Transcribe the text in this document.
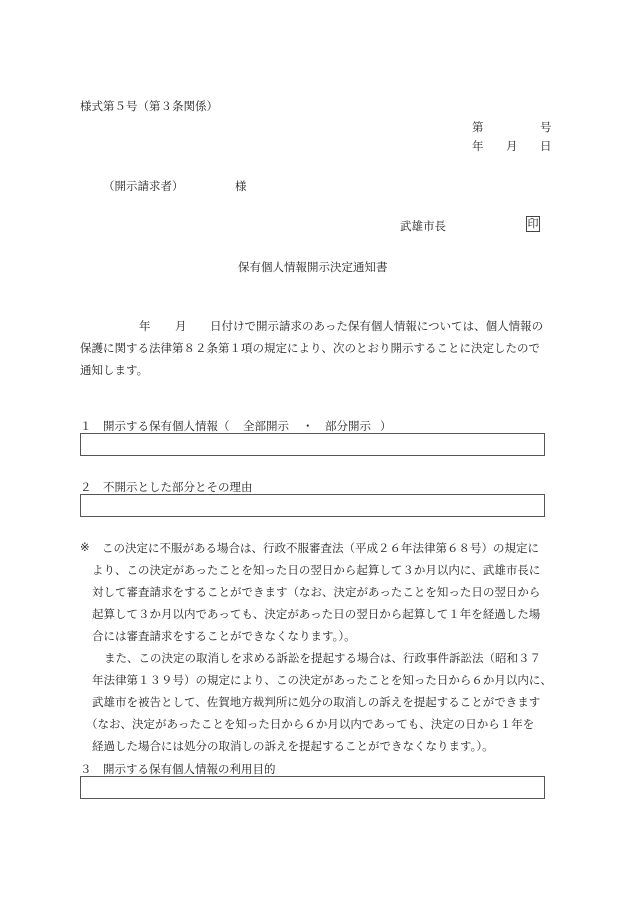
様式第５号（第３条関係）
第	号
年 月 日
（開示請求者）	様
武雄市長	印
保有個人情報開示決定通知書
年 月 日付けで開示請求のあった保有個人情報については、個人情報の
保護に関する法律第８２条第１項の規定により、次のとおり開示することに決定したので
通知します。
１　開示する保有個人情報（ 全部開示 ・ 部分開示 ）
２　不開示とした部分とその理由
※ この決定に不服がある場合は、行政不服審査法（平成２６年法律第６８号）の規定に
より、この決定があったことを知った日の翌日から起算して３か月以内に、武雄市長に
対して審査請求をすることができます（なお、決定があったことを知った日の翌日から
起算して３か月以内であっても、決定があった日の翌日から起算して１年を経過した場
合には審査請求をすることができなくなります。）。
また、この決定の取消しを求める訴訟を提起する場合は、行政事件訴訟法（昭和３７
年法律第１３９号）の規定により、この決定があったことを知った日から６か月以内に、
武雄市を被告として、佐賀地方裁判所に処分の取消しの訴えを提起することができます
（なお、決定があったことを知った日から６か月以内であっても、決定の日から１年を
経過した場合には処分の取消しの訴えを提起することができなくなります。）。
３　開示する保有個人情報の利用目的
